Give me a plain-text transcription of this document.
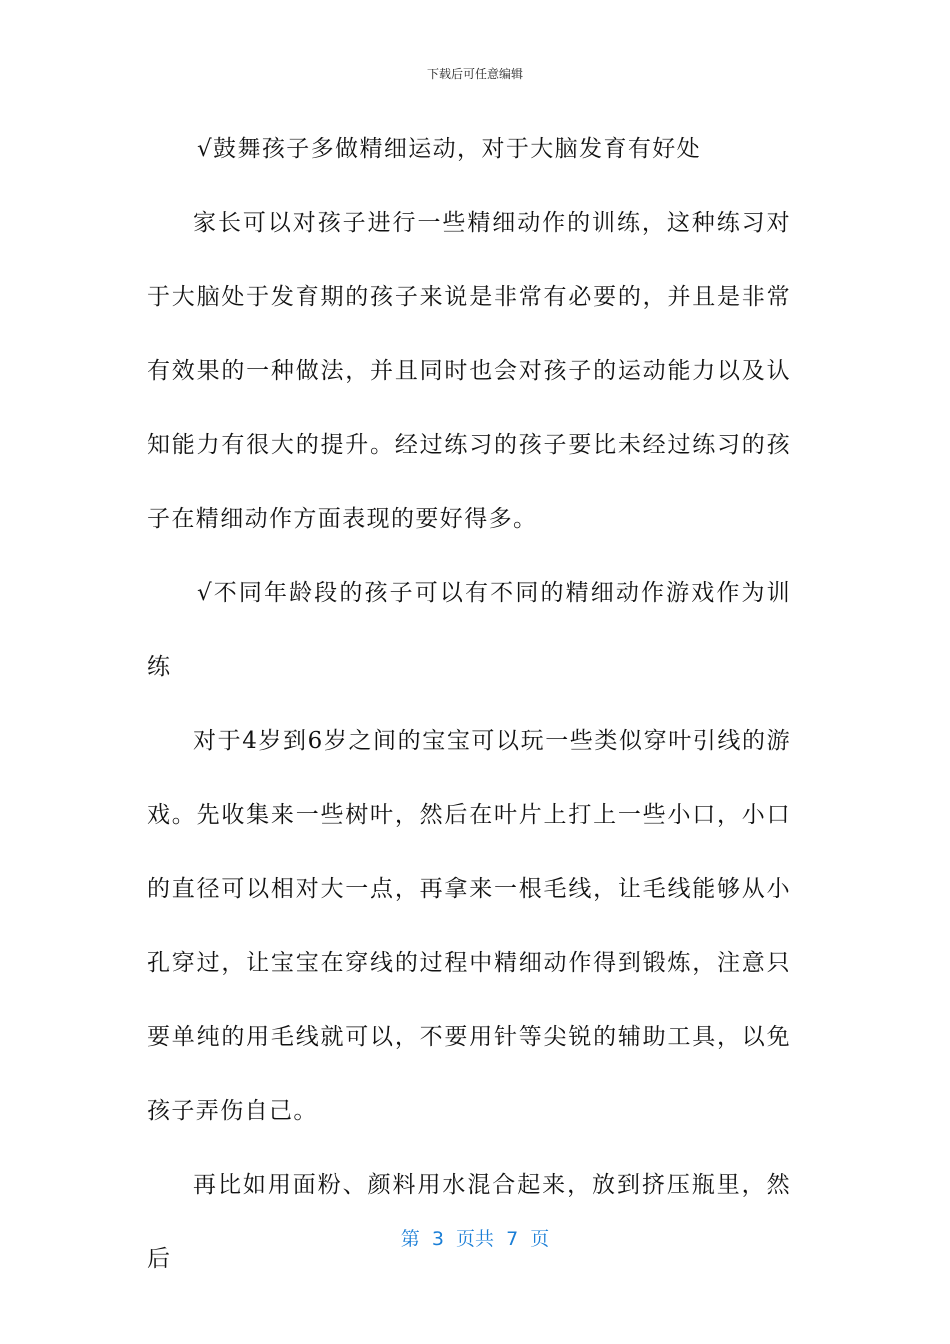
下载后可任意编辑

√鼓舞孩子多做精细运动，对于大脑发育有好处

家长可以对孩子进行一些精细动作的训练，这种练习对于大脑处于发育期的孩子来说是非常有必要的，并且是非常有效果的一种做法，并且同时也会对孩子的运动能力以及认知能力有很大的提升。经过练习的孩子要比未经过练习的孩子在精细动作方面表现的要好得多。

√不同年龄段的孩子可以有不同的精细动作游戏作为训练

对于4岁到6岁之间的宝宝可以玩一些类似穿叶引线的游戏。先收集来一些树叶，然后在叶片上打上一些小口，小口的直径可以相对大一点，再拿来一根毛线，让毛线能够从小孔穿过，让宝宝在穿线的过程中精细动作得到锻炼，注意只要单纯的用毛线就可以，不要用针等尖锐的辅助工具，以免孩子弄伤自己。

再比如用面粉、颜料用水混合起来，放到挤压瓶里，然后

第  3  页共  7  页
